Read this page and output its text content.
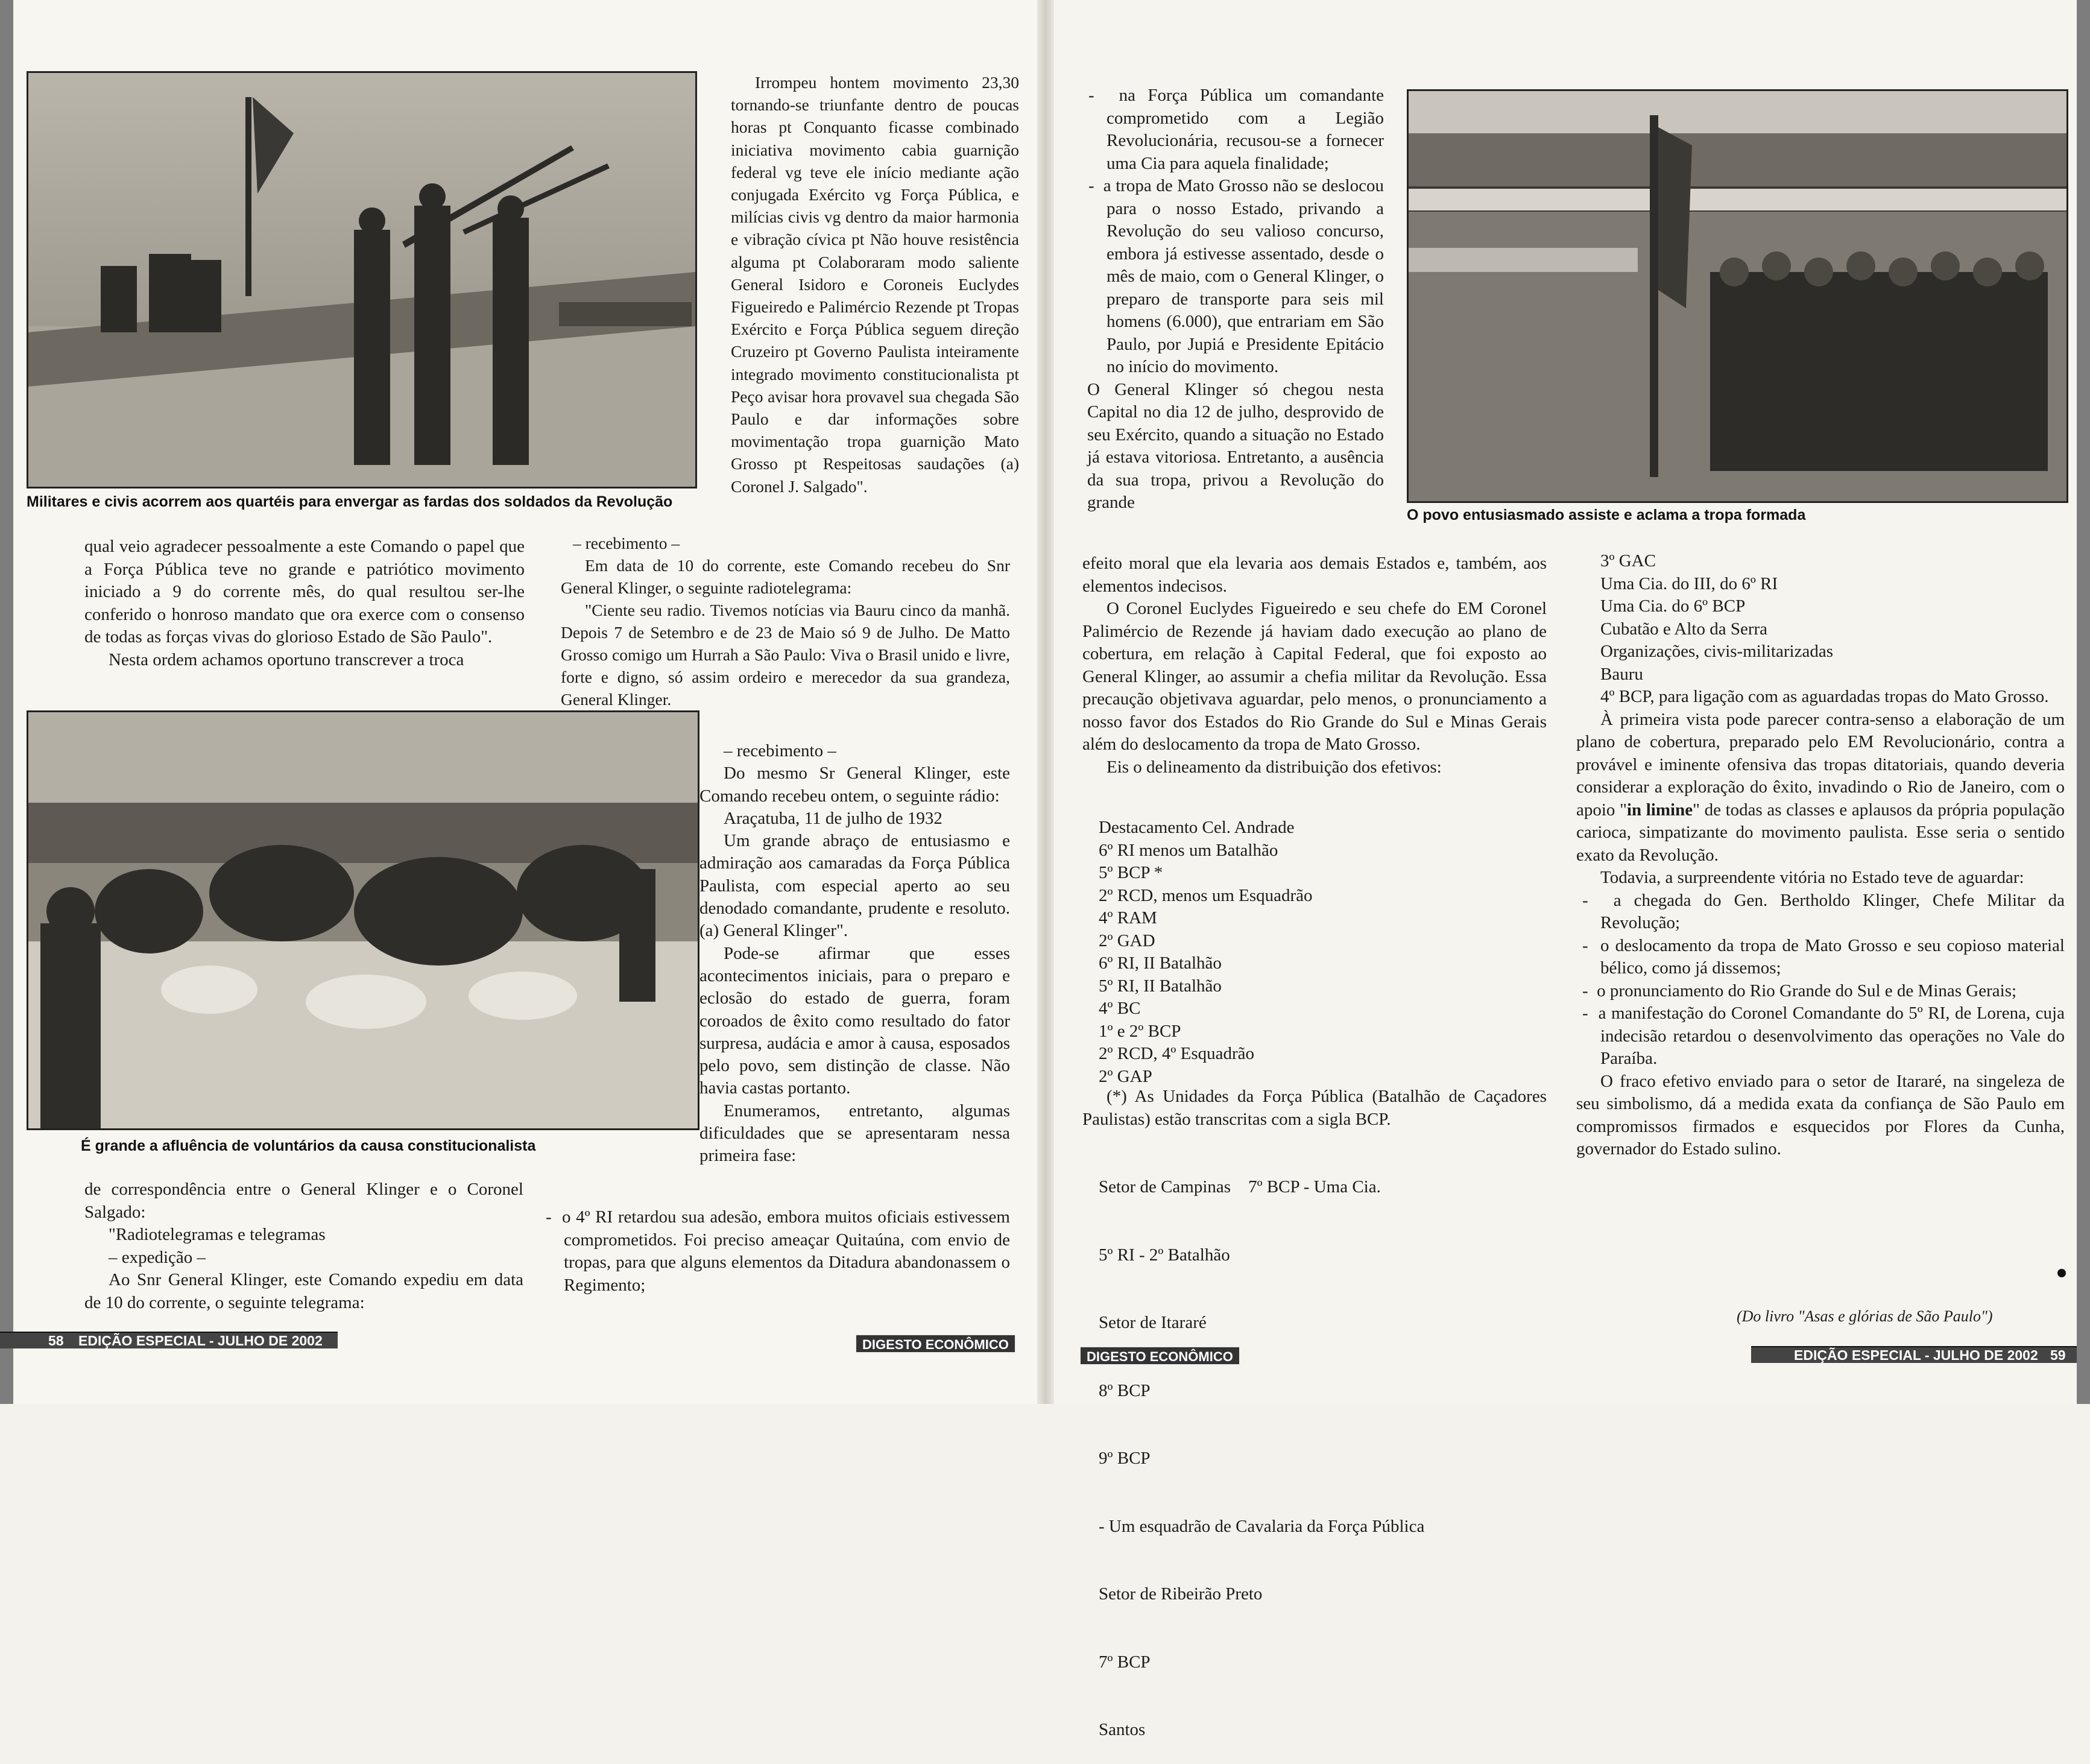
Militares e civis acorrem aos quartéis para envergar as fardas dos soldados da Revolução
É grande a afluência de voluntários da causa constitucionalista

qual veio agradecer pessoalmente a este Comando o papel que a Força Pública teve no grande e patriótico movimento iniciado a 9 do corrente mês, do qual resultou ser-lhe conferido o honroso mandato que ora exerce com o consenso de todas as forças vivas do glorioso Estado de São Paulo".

Nesta ordem achamos oportuno transcrever a troca

de correspondência entre o General Klinger e o Coronel Salgado:

"Radiotelegramas e telegramas

– expedição –

Ao Snr General Klinger, este Comando expediu em data de 10 do corrente, o seguinte telegrama:

Irrompeu hontem movimento 23,30 tornando-se triunfante dentro de poucas horas pt Conquanto ficasse combinado iniciativa movimento cabia guarnição federal vg teve ele início mediante ação conjugada Exército vg Força Pública, e milícias civis vg dentro da maior harmonia e vibração cívica pt Não houve resistência alguma pt Colaboraram modo saliente General Isidoro e Coroneis Euclydes Figueiredo e Palimércio Rezende pt Tropas Exército e Força Pública seguem direção Cruzeiro pt Governo Paulista inteiramente integrado movimento constitucionalista pt Peço avisar hora provavel sua chegada São Paulo e dar informações sobre movimentação tropa guarnição Mato Grosso pt Respeitosas saudações (a) Coronel J. Salgado".

– recebimento –

Em data de 10 do corrente, este Comando recebeu do Snr General Klinger, o seguinte radiotelegrama:

"Ciente seu radio. Tivemos notícias via Bauru cinco da manhã. Depois 7 de Setembro e de 23 de Maio só 9 de Julho. De Matto Grosso comigo um Hurrah a São Paulo: Viva o Brasil unido e livre, forte e digno, só assim ordeiro e merecedor da sua grandeza, General Klinger.

– recebimento –

Do mesmo Sr General Klinger, este Comando recebeu ontem, o seguinte rádio:

Araçatuba, 11 de julho de 1932

Um grande abraço de entusiasmo e admiração aos camaradas da Força Pública Paulista, com especial aperto ao seu denodado comandante, prudente e resoluto. (a) General Klinger".

Pode-se afirmar que esses acontecimentos iniciais, para o preparo e eclosão do estado de guerra, foram coroados de êxito como resultado do fator surpresa, audácia e amor à causa, esposados pelo povo, sem distinção de classe. Não havia castas portanto.

Enumeramos, entretanto, algumas dificuldades que se apresentaram nessa primeira fase:

-  o 4º RI retardou sua adesão, embora muitos oficiais estivessem comprometidos. Foi preciso ameaçar Quitaúna, com envio de tropas, para que alguns elementos da Ditadura abandonassem o Regimento;

58 EDIÇÃO ESPECIAL - JULHO DE 2002	DIGESTO ECONÔMICO
O povo entusiasmado assiste e aclama a tropa formada

-  na Força Pública um comandante comprometido com a Legião Revolucionária, recusou-se a fornecer uma Cia para aquela finalidade;

-  a tropa de Mato Grosso não se deslocou para o nosso Estado, privando a Revolução do seu valioso concurso, embora já estivesse assentado, desde o mês de maio, com o General Klinger, o preparo de transporte para seis mil homens (6.000), que entrariam em São Paulo, por Jupiá e Presidente Epitácio no início do movimento.

O General Klinger só chegou nesta Capital no dia 12 de julho, desprovido de seu Exército, quando a situação no Estado já estava vitoriosa. Entretanto, a ausência da sua tropa, privou a Revolução do grande

efeito moral que ela levaria aos demais Estados e, também, aos elementos indecisos.

O Coronel Euclydes Figueiredo e seu chefe do EM Coronel Palimércio de Rezende já haviam dado execução ao plano de cobertura, em relação à Capital Federal, que foi exposto ao General Klinger, ao assumir a chefia militar da Revolução. Essa precaução objetivava aguardar, pelo menos, o pronunciamento a nosso favor dos Estados do Rio Grande do Sul e Minas Gerais além do deslocamento da tropa de Mato Grosso.

Eis o delineamento da distribuição dos efetivos:

Destacamento Cel. Andrade

6º RI menos um Batalhão

5º BCP *

2º RCD, menos um Esquadrão

4º RAM

2º GAD

6º RI, II Batalhão

5º RI, II Batalhão

4º BC

1º e 2º BCP

2º RCD, 4º Esquadrão

2º GAP

(*) As Unidades da Força Pública (Batalhão de Caçadores Paulistas) estão transcritas com a sigla BCP.

Setor de Campinas    7º BCP - Uma Cia.

5º RI - 2º Batalhão

Setor de Itararé

8º BCP

9º BCP

- Um esquadrão de Cavalaria da Força Pública

Setor de Ribeirão Preto

7º BCP

Santos

3º GAC

Uma Cia. do III, do 6º RI

Uma Cia. do 6º BCP

Cubatão e Alto da Serra

Organizações, civis-militarizadas

Bauru

4º BCP, para ligação com as aguardadas tropas do Mato Grosso.

À primeira vista pode parecer contra-senso a elaboração de um plano de cobertura, preparado pelo EM Revolucionário, contra a provável e iminente ofensiva das tropas ditatoriais, quando deveria considerar a exploração do êxito, invadindo o Rio de Janeiro, com o apoio "in limine" de todas as classes e aplausos da própria população carioca, simpatizante do movimento paulista. Esse seria o sentido exato da Revolução.

Todavia, a surpreendente vitória no Estado teve de aguardar:

-  a chegada do Gen. Bertholdo Klinger, Chefe Militar da Revolução;

-  o deslocamento da tropa de Mato Grosso e seu copioso material bélico, como já dissemos;

-  o pronunciamento do Rio Grande do Sul e de Minas Gerais;

-  a manifestação do Coronel Comandante do 5º RI, de Lorena, cuja indecisão retardou o desenvolvimento das operações no Vale do Paraíba.

O fraco efetivo enviado para o setor de Itararé, na singeleza de seu simbolismo, dá a medida exata da confiança de São Paulo em compromissos firmados e esquecidos por Flores da Cunha, governador do Estado sulino.

(Do livro "Asas e glórias de São Paulo")
DIGESTO ECONÔMICO	EDIÇÃO ESPECIAL - JULHO DE 2002 59
